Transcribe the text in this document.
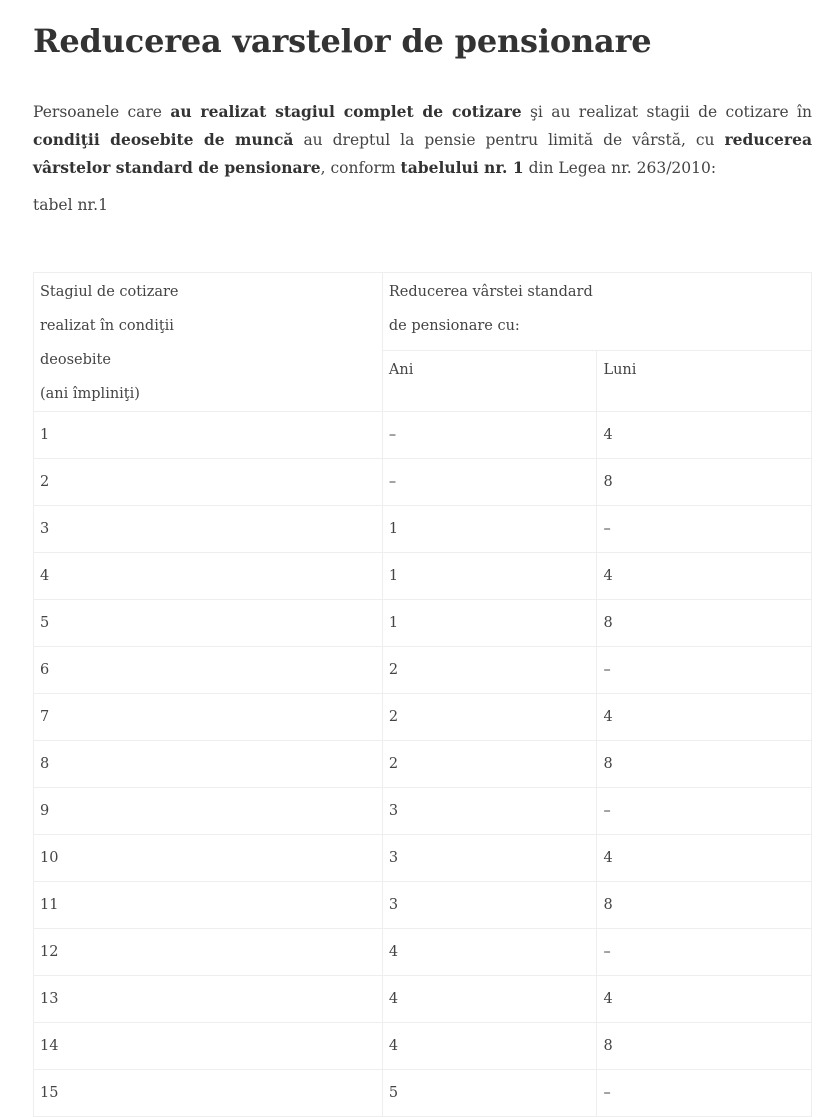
Reducerea varstelor de pensionare

Persoanele care au realizat stagiul complet de cotizare şi au realizat stagii de cotizare în condiţii deosebite de muncă au dreptul la pensie pentru limită de vârstă, cu reducerea vârstelor standard de pensionare, conform tabelului nr. 1 din Legea nr. 263/2010:

tabel nr.1

Stagiul de cotizare
realizat în condiţii
deosebite
(ani împliniţi)	Reducerea vârstei standard
de pensionare cu:	

	Ani	Luni
1	–	4
2	–	8
3	1	–
4	1	4
5	1	8
6	2	–
7	2	4
8	2	8
9	3	–
10	3	4
11	3	8
12	4	–
13	4	4
14	4	8
15	5	–
